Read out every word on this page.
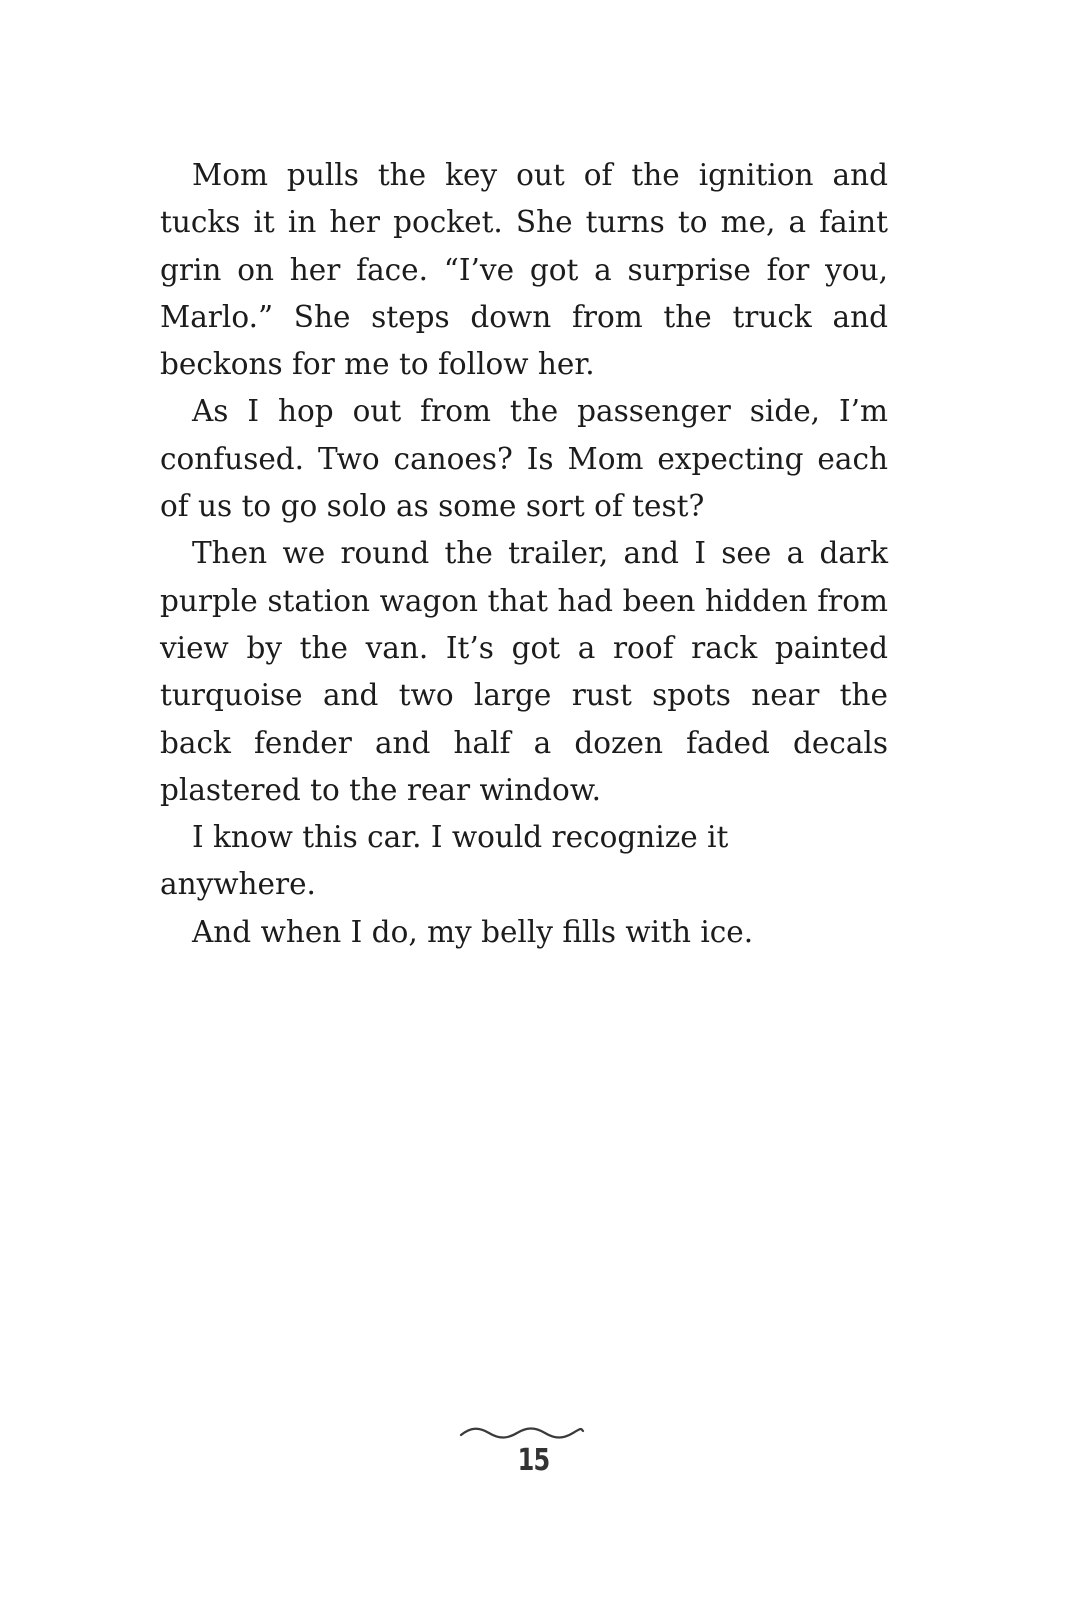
Mom pulls the key out of the ignition and tucks it in her pocket. She turns to me, a faint grin on her face. “I’ve got a surprise for you, Marlo.” She steps down from the truck and beckons for me to follow her.

As I hop out from the passenger side, I’m confused. Two canoes? Is Mom expecting each of us to go solo as some sort of test?

Then we round the trailer, and I see a dark purple station wagon that had been hidden from view by the van. It’s got a roof rack painted turquoise and two large rust spots near the back fender and half a dozen faded decals plastered to the rear window.

I know this car. I would recognize it anywhere.

And when I do, my belly fills with ice.

15
